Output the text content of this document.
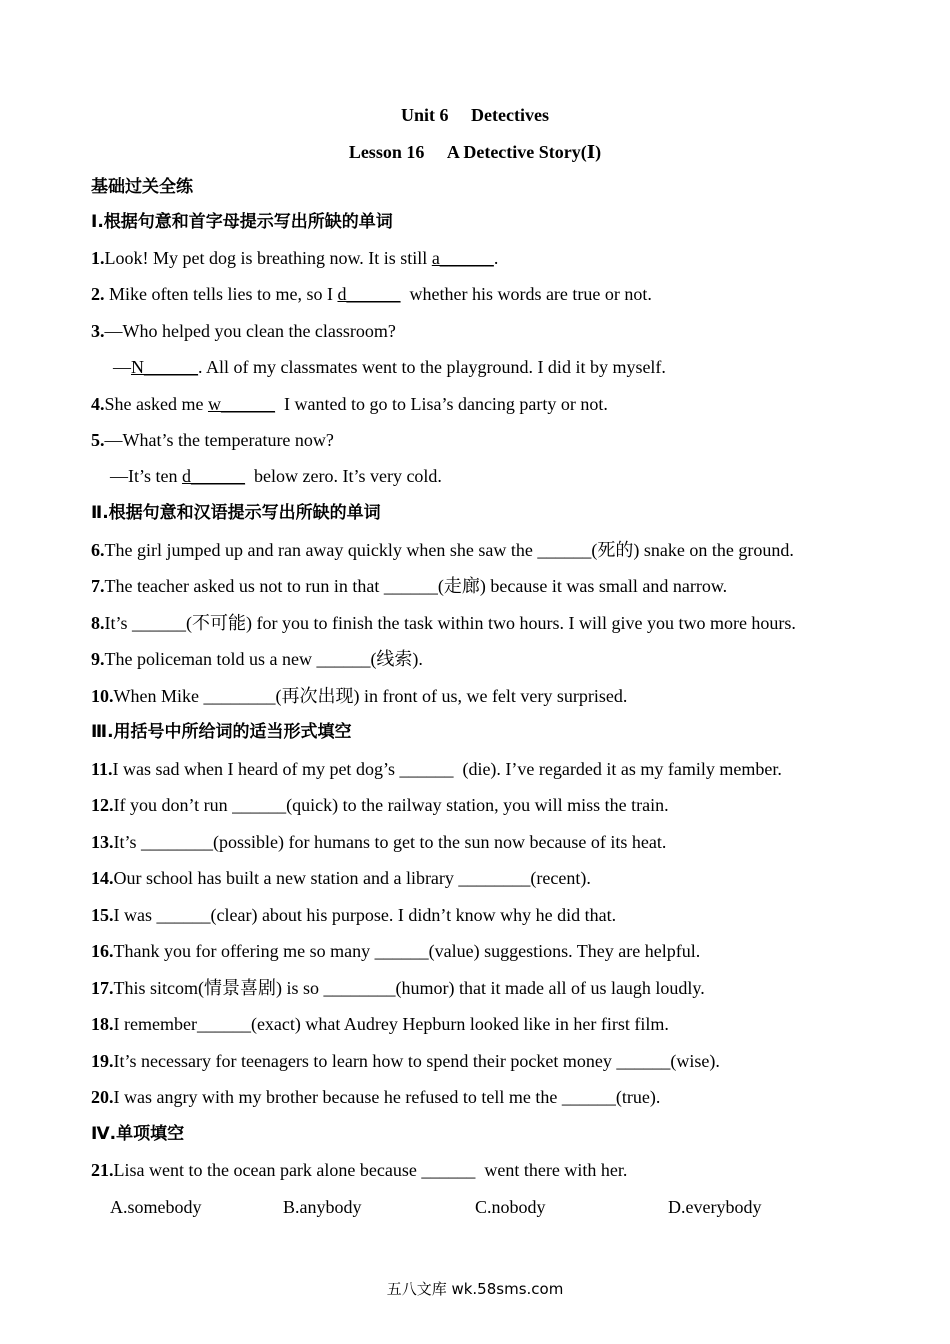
Unit 6 　Detectives
Lesson 16 　A Detective Story(Ⅰ)
基础过关全练
Ⅰ.根据句意和首字母提示写出所缺的单词
1.Look! My pet dog is breathing now. It is still a______.
2. Mike often tells lies to me, so I d______  whether his words are true or not.
3.—Who helped you clean the classroom?
—N______. All of my classmates went to the playground. I did it by myself.
4.She asked me w______  I wanted to go to Lisa’s dancing party or not.
5.—What’s the temperature now?
—It’s ten d______  below zero. It’s very cold.
Ⅱ.根据句意和汉语提示写出所缺的单词
6.The girl jumped up and ran away quickly when she saw the ______(死的) snake on the ground.
7.The teacher asked us not to run in that ______(走廊) because it was small and narrow.
8.It’s ______(不可能) for you to finish the task within two hours. I will give you two more hours.
9.The policeman told us a new ______(线索).
10.When Mike ________(再次出现) in front of us, we felt very surprised.
Ⅲ.用括号中所给词的适当形式填空
11.I was sad when I heard of my pet dog’s ______  (die). I’ve regarded it as my family member.
12.If you don’t run ______(quick) to the railway station, you will miss the train.
13.It’s ________(possible) for humans to get to the sun now because of its heat.
14.Our school has built a new station and a library ________(recent).
15.I was ______(clear) about his purpose. I didn’t know why he did that.
16.Thank you for offering me so many ______(value) suggestions. They are helpful.
17.This sitcom(情景喜剧) is so ________(humor) that it made all of us laugh loudly.
18.I remember______(exact) what Audrey Hepburn looked like in her first film.
19.It’s necessary for teenagers to learn how to spend their pocket money ______(wise).
20.I was angry with my brother because he refused to tell me the ______(true).
Ⅳ.单项填空
21.Lisa went to the ocean park alone because ______  went there with her.
A.somebody	B.anybody	C.nobody	D.everybody
五八文库 wk.58sms.com
